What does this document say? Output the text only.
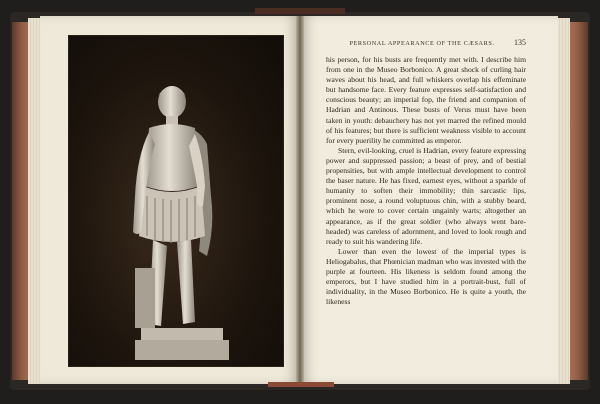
PERSONAL APPEARANCE OF THE CÆSARS.	135

his person, for his busts are frequently met with. I describe him from one in the Museo Borbonico. A great shock of curling hair waves about his head, and full whiskers overlap his effeminate but handsome face. Every feature expresses self-satisfaction and conscious beauty; an imperial fop, the friend and companion of Hadrian and Antinous. These busts of Verus must have been taken in youth: debauchery has not yet marred the refined mould of his features; but there is sufficient weakness visible to account for every puerility he committed as emperor.

Stern, evil-looking, cruel is Hadrian, every feature expressing power and suppressed passion; a beast of prey, and of bestial propensities, but with ample intellectual development to control the baser nature. He has fixed, earnest eyes, without a sparkle of humanity to soften their immobility; thin sarcastic lips, prominent nose, a round voluptuous chin, with a stubby beard, which he wore to cover certain ungainly warts; altogether an appearance, as if the great soldier (who always went bare-headed) was careless of adornment, and loved to look rough and ready to suit his wandering life.

Lower than even the lowest of the imperial types is Heliogabalus, that Phœnician madman who was invested with the purple at fourteen. His likeness is seldom found among the emperors, but I have studied him in a portrait-bust, full of individuality, in the Museo Borbonico. He is quite a youth, the likeness
